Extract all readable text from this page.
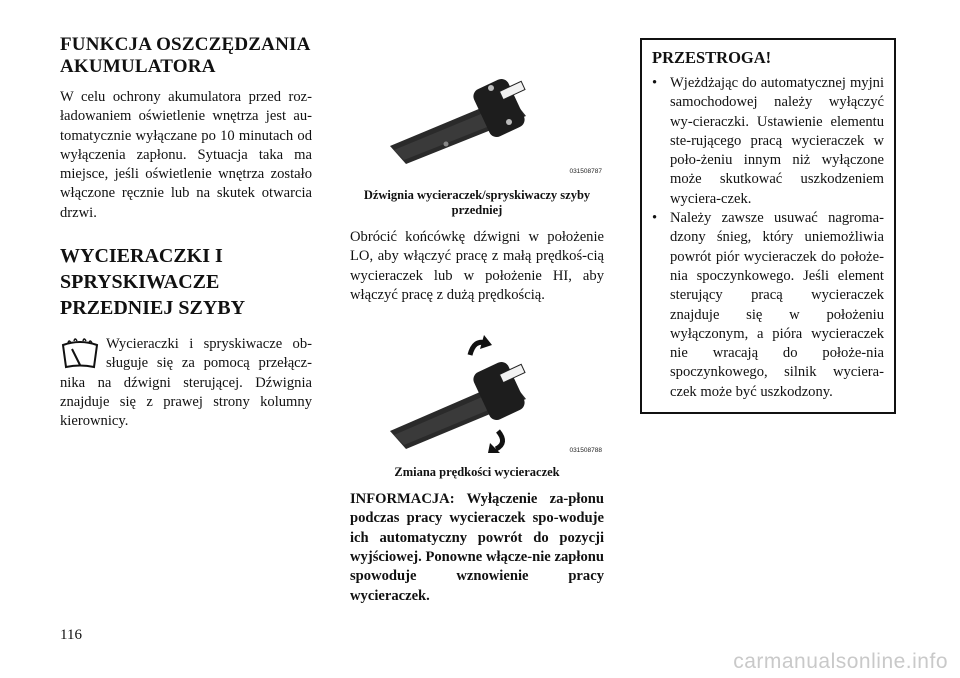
FUNKCJA OSZCZĘDZANIA AKUMULATORA

W celu ochrony akumulatora przed roz-ładowaniem oświetlenie wnętrza jest au-tomatycznie wyłączane po 10 minutach od wyłączenia zapłonu. Sytuacja taka ma miejsce, jeśli oświetlenie wnętrza zostało włączone ręcznie lub na skutek otwarcia drzwi.

WYCIERACZKI I SPRYSKIWACZE PRZEDNIEJ SZYBY

Wycieraczki i spryskiwacze ob-sługuje się za pomocą przełącz-nika na dźwigni sterującej. Dźwignia znajduje się z prawej strony kolumny kierownicy.

031508787

Dźwignia wycieraczek/spryskiwaczy szyby przedniej

Obrócić końcówkę dźwigni w położenie LO, aby włączyć pracę z małą prędkoś-cią wycieraczek lub w położenie HI, aby włączyć pracę z dużą prędkością.

031508788

Zmiana prędkości wycieraczek

INFORMACJA: Wyłączenie za-płonu podczas pracy wycieraczek spo-woduje ich automatyczny powrót do pozycji wyjściowej. Ponowne włącze-nie zapłonu spowoduje wznowienie pracy wycieraczek.

PRZESTROGA!
• Wjeżdżając do automatycznej myjni samochodowej należy wyłączyć wy-cieraczki. Ustawienie elementu ste-rującego pracą wycieraczek w poło-żeniu innym niż wyłączone może skutkować uszkodzeniem wyciera-czek.
• Należy zawsze usuwać nagroma-dzony śnieg, który uniemożliwia powrót piór wycieraczek do położe-nia spoczynkowego. Jeśli element sterujący pracą wycieraczek znajduje się w położeniu wyłączonym, a pióra wycieraczek nie wracają do położe-nia spoczynkowego, silnik wyciera-czek może być uszkodzony.
116
carmanualsonline.info
